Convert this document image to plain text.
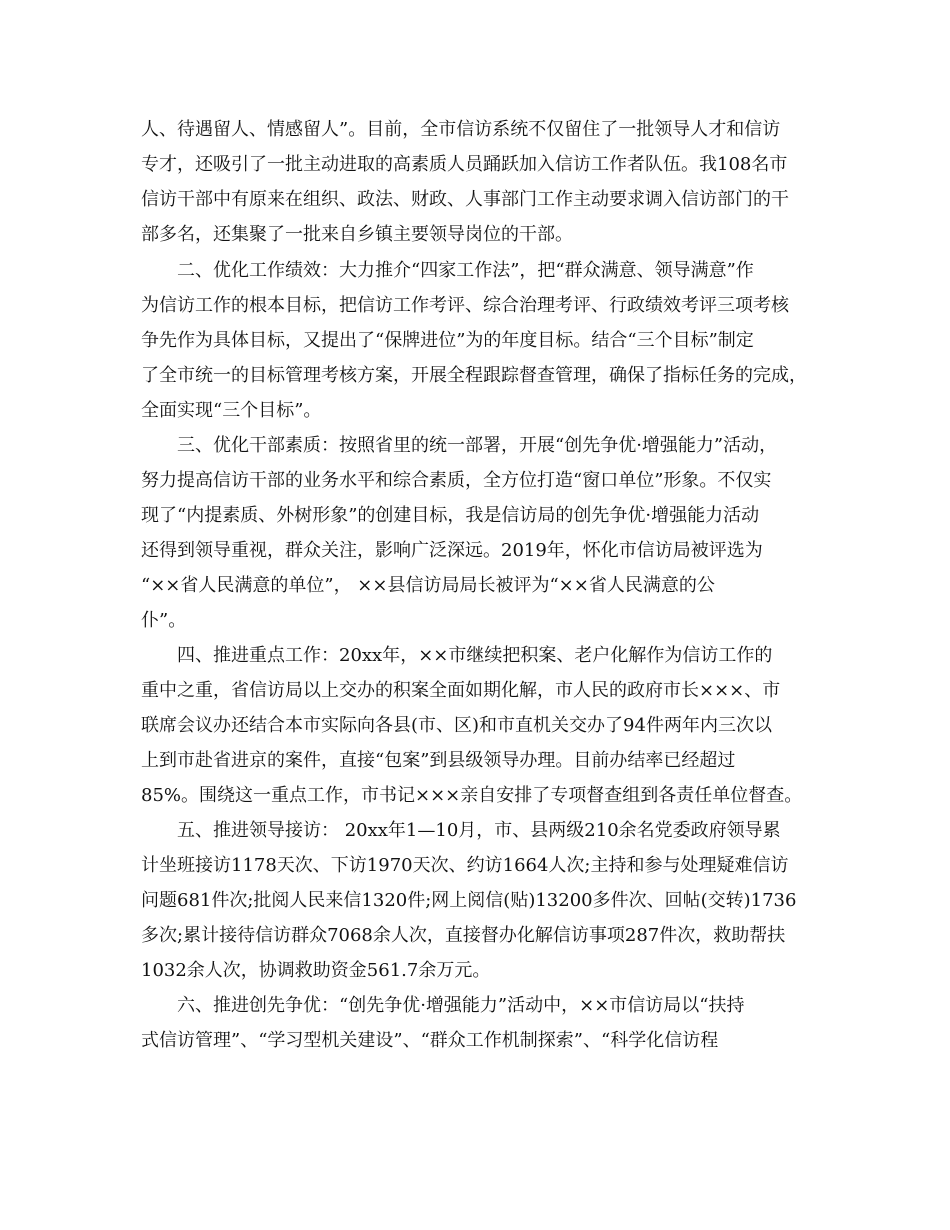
人、待遇留人、情感留人”。目前，全市信访系统不仅留住了一批领导人才和信访

专才，还吸引了一批主动进取的高素质人员踊跃加入信访工作者队伍。我108名市

信访干部中有原来在组织、政法、财政、人事部门工作主动要求调入信访部门的干

部多名，还集聚了一批来自乡镇主要领导岗位的干部。

二、优化工作绩效：大力推介“四家工作法”，把“群众满意、领导满意”作

为信访工作的根本目标，把信访工作考评、综合治理考评、行政绩效考评三项考核

争先作为具体目标，又提出了“保牌进位”为的年度目标。结合“三个目标”制定

了全市统一的目标管理考核方案，开展全程跟踪督查管理，确保了指标任务的完成，

全面实现“三个目标”。

三、优化干部素质：按照省里的统一部署，开展“创先争优·增强能力”活动，

努力提高信访干部的业务水平和综合素质，全方位打造“窗口单位”形象。不仅实

现了“内提素质、外树形象”的创建目标，我是信访局的创先争优·增强能力活动

还得到领导重视，群众关注，影响广泛深远。2019年，怀化市信访局被评选为

“××省人民满意的单位”， ××县信访局局长被评为“××省人民满意的公

仆”。

四、推进重点工作：20xx年，××市继续把积案、老户化解作为信访工作的

重中之重，省信访局以上交办的积案全面如期化解，市人民的政府市长×××、市

联席会议办还结合本市实际向各县(市、区)和市直机关交办了94件两年内三次以

上到市赴省进京的案件，直接“包案”到县级领导办理。目前办结率已经超过

85%。围绕这一重点工作，市书记×××亲自安排了专项督查组到各责任单位督查。

五、推进领导接访： 20xx年1—10月，市、县两级210余名党委政府领导累

计坐班接访1178天次、下访1970天次、约访1664人次;主持和参与处理疑难信访

问题681件次;批阅人民来信1320件;网上阅信(贴)13200多件次、回帖(交转)1736

多次;累计接待信访群众7068余人次，直接督办化解信访事项287件次，救助帮扶

1032余人次，协调救助资金561.7余万元。

六、推进创先争优：“创先争优·增强能力”活动中，××市信访局以“扶持

式信访管理”、“学习型机关建设”、“群众工作机制探索”、“科学化信访程
